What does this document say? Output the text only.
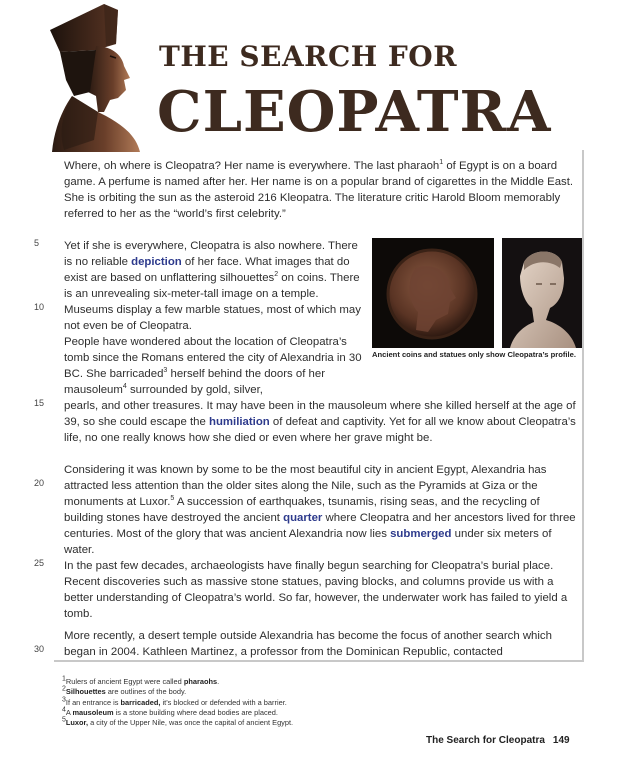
THE SEARCH FOR
CLEOPATRA

Where, oh where is Cleopatra? Her name is everywhere. The last pharaoh$^1$ of Egypt is on a board game. A perfume is named after her. Her name is on a popular brand of cigarettes in the Middle East. She is orbiting the sun as the asteroid 216 Kleopatra. The literature critic Harold Bloom memorably referred to her as the “world’s first celebrity.”

Yet if she is everywhere, Cleopatra is also nowhere. There is no reliable depiction of her face. What images that do exist are based on unflattering silhouettes$^2$ on coins. There is an unrevealing six-meter-tall image on a temple. Museums display a few marble statues, most of which may not even be of Cleopatra.

People have wondered about the location of Cleopatra’s tomb since the Romans entered the city of Alexandria in 30 BC. She barricaded$^3$ herself behind the doors of her mausoleum$^4$ surrounded by gold, silver,

pearls, and other treasures. It may have been in the mausoleum where she killed herself at the age of 39, so she could escape the humiliation of defeat and captivity. Yet for all we know about Cleopatra’s life, no one really knows how she died or even where her grave might be.

Considering it was known by some to be the most beautiful city in ancient Egypt, Alexandria has attracted less attention than the older sites along the Nile, such as the Pyramids at Giza or the monuments at Luxor.$^5$ A succession of earthquakes, tsunamis, rising seas, and the recycling of building stones have destroyed the ancient quarter where Cleopatra and her ancestors lived for three centuries. Most of the glory that was ancient Alexandria now lies submerged under six meters of water.

In the past few decades, archaeologists have finally begun searching for Cleopatra’s burial place. Recent discoveries such as massive stone statues, paving blocks, and columns provide us with a better understanding of Cleopatra’s world. So far, however, the underwater work has failed to yield a tomb.

More recently, a desert temple outside Alexandria has become the focus of another search which began in 2004. Kathleen Martinez, a professor from the Dominican Republic, contacted

5
10
15
20
25
30
Ancient coins and statues only show Cleopatra’s profile.
1Rulers of ancient Egypt were called pharaohs.
2Silhouettes are outlines of the body.
3If an entrance is barricaded, it’s blocked or defended with a barrier.
4A mausoleum is a stone building where dead bodies are placed.
5Luxor, a city of the Upper Nile, was once the capital of ancient Egypt.
The Search for Cleopatra 149
